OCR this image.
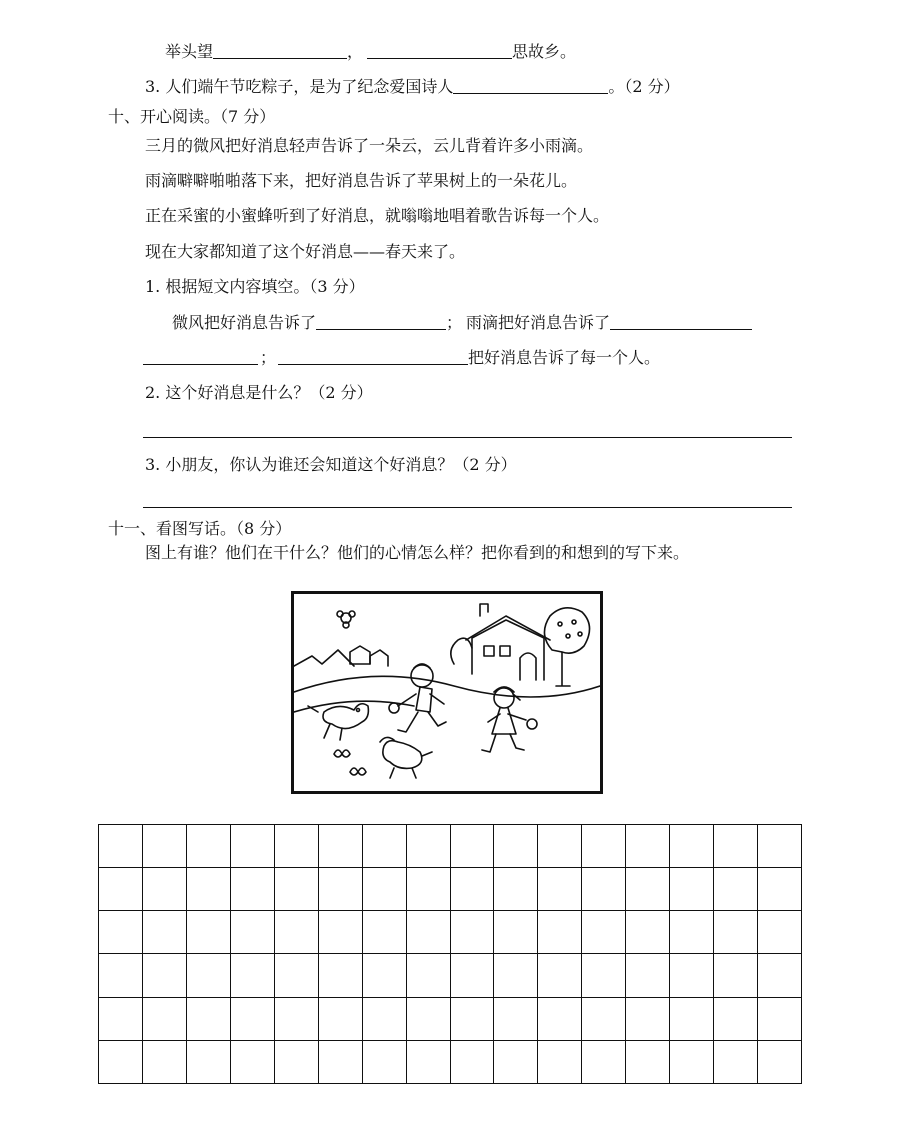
举头望	，	思故乡。
3. 人们端午节吃粽子，是为了纪念爱国诗人	。（2 分）
十、开心阅读。（7 分）
三月的微风把好消息轻声告诉了一朵云，云儿背着许多小雨滴。
雨滴噼噼啪啪落下来，把好消息告诉了苹果树上的一朵花儿。
正在采蜜的小蜜蜂听到了好消息，就嗡嗡地唱着歌告诉每一个人。
现在大家都知道了这个好消息——春天来了。
1. 根据短文内容填空。（3 分）
微风把好消息告诉了	； 雨滴把好消息告诉了
；	把好消息告诉了每一个人。
2. 这个好消息是什么？（2 分）
3. 小朋友，你认为谁还会知道这个好消息？（2 分）
十一、看图写话。（8 分）
图上有谁？他们在干什么？他们的心情怎么样？把你看到的和想到的写下来。
